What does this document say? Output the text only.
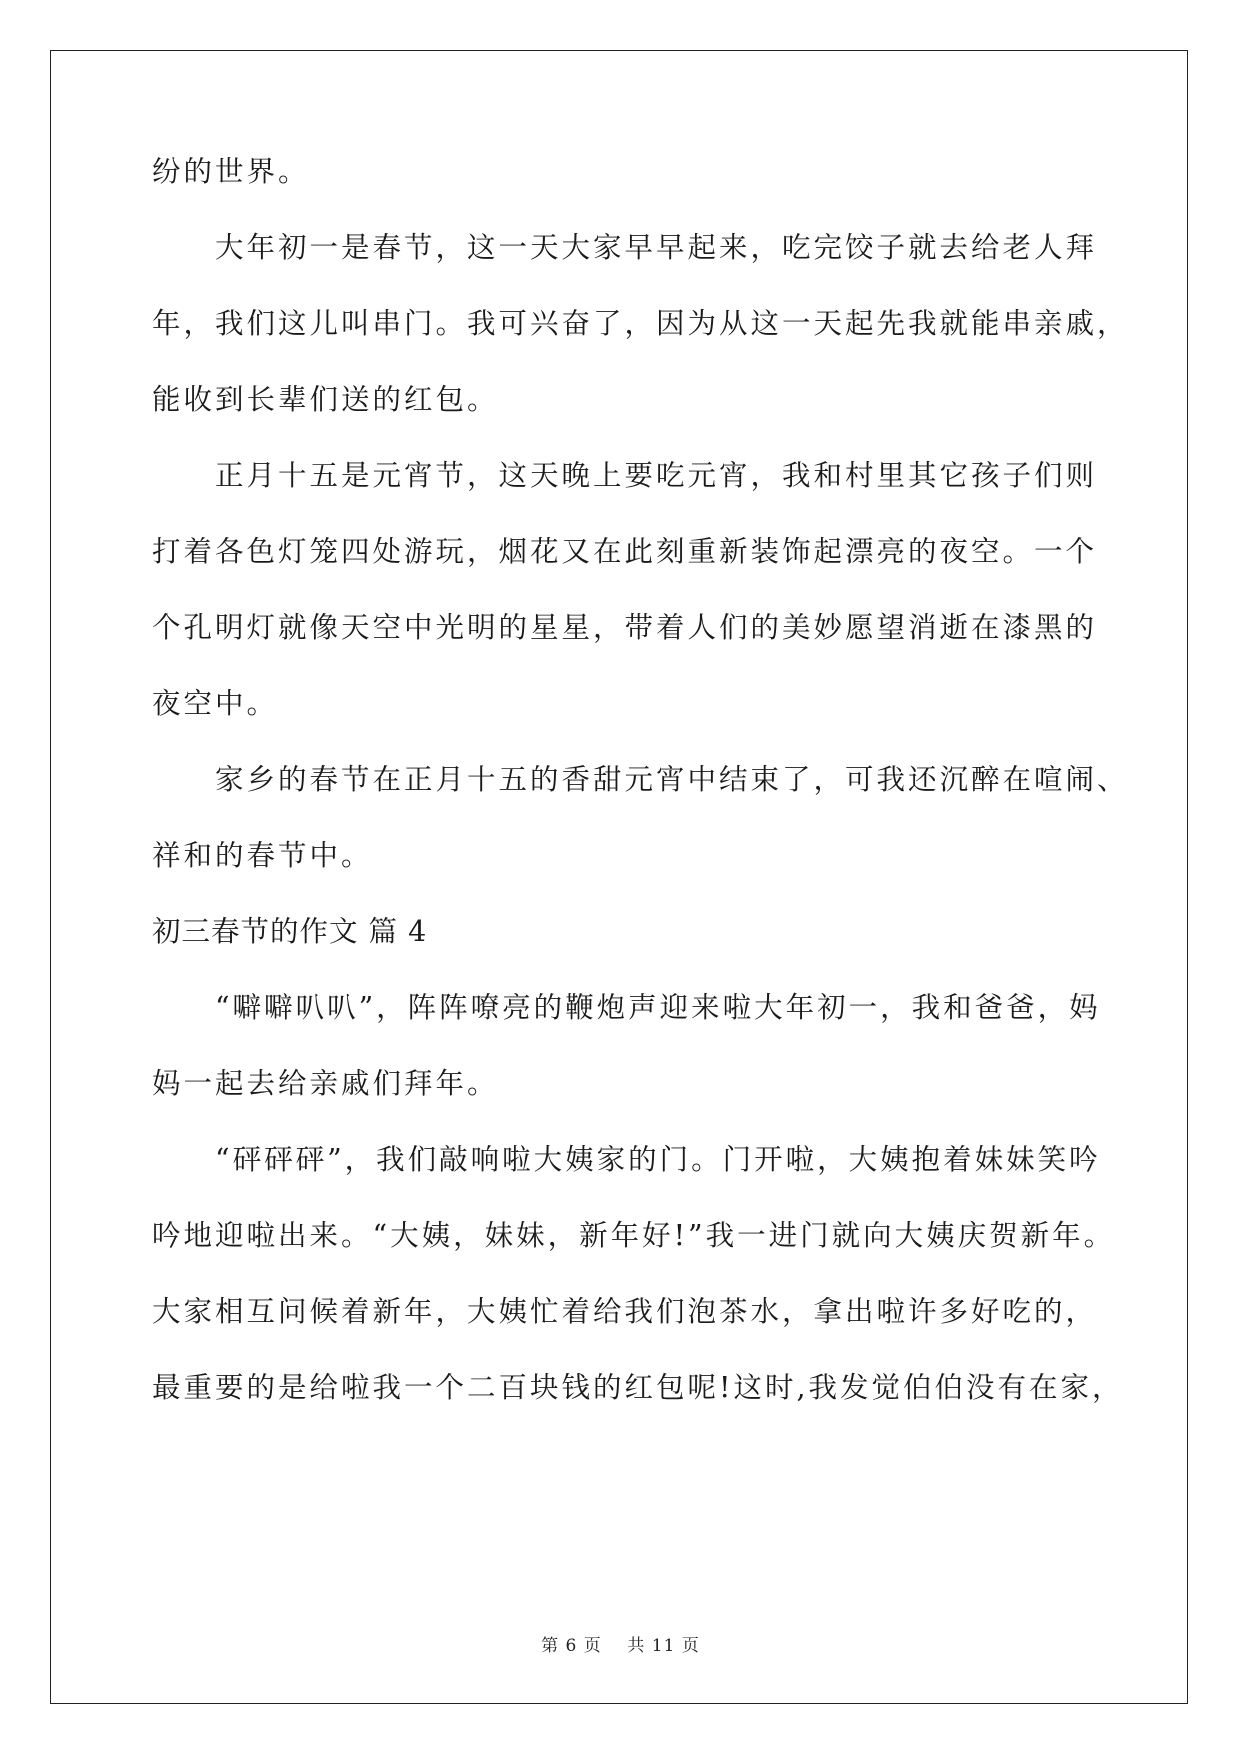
纷的世界。
大年初一是春节，这一天大家早早起来，吃完饺子就去给老人拜
年，我们这儿叫串门。我可兴奋了，因为从这一天起先我就能串亲戚，
能收到长辈们送的红包。
正月十五是元宵节，这天晚上要吃元宵，我和村里其它孩子们则
打着各色灯笼四处游玩，烟花又在此刻重新装饰起漂亮的夜空。一个
个孔明灯就像天空中光明的星星，带着人们的美妙愿望消逝在漆黑的
夜空中。
家乡的春节在正月十五的香甜元宵中结束了，可我还沉醉在喧闹、
祥和的春节中。
初三春节的作文 篇 4
“噼噼叭叭”，阵阵嘹亮的鞭炮声迎来啦大年初一，我和爸爸，妈
妈一起去给亲戚们拜年。
“砰砰砰”，我们敲响啦大姨家的门。门开啦，大姨抱着妹妹笑吟
吟地迎啦出来。“大姨，妹妹，新年好!”我一进门就向大姨庆贺新年。
大家相互问候着新年，大姨忙着给我们泡茶水，拿出啦许多好吃的，
最重要的是给啦我一个二百块钱的红包呢!这时,我发觉伯伯没有在家，
第 6 页 共 11 页
